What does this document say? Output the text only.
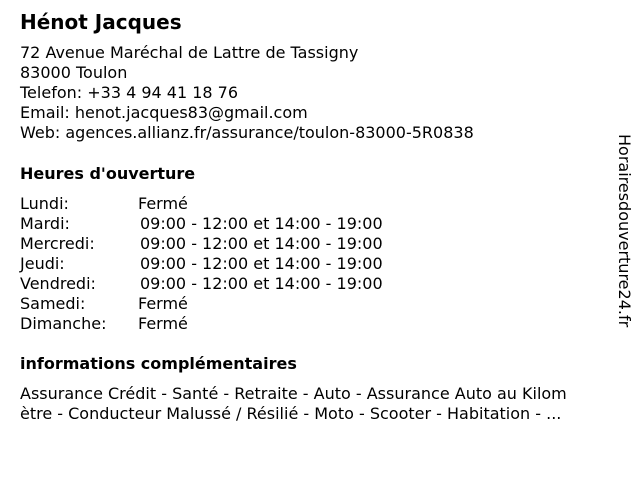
Hénot Jacques
72 Avenue Maréchal de Lattre de Tassigny
83000 Toulon
Telefon: +33 4 94 41 18 76
Email: henot.jacques83@gmail.com
Web: agences.allianz.fr/assurance/toulon-83000-5R0838
Heures d'ouverture
Lundi:	Fermé
Mardi:	09:00 - 12:00 et 14:00 - 19:00
Mercredi:	09:00 - 12:00 et 14:00 - 19:00
Jeudi:	09:00 - 12:00 et 14:00 - 19:00
Vendredi:	09:00 - 12:00 et 14:00 - 19:00
Samedi:	Fermé
Dimanche: Fermé
informations complémentaires
Assurance Crédit - Santé - Retraite - Auto - Assurance Auto au Kilom
ètre - Conducteur Malussé / Résilié - Moto - Scooter - Habitation - ...
Horairesdouverture24.fr
